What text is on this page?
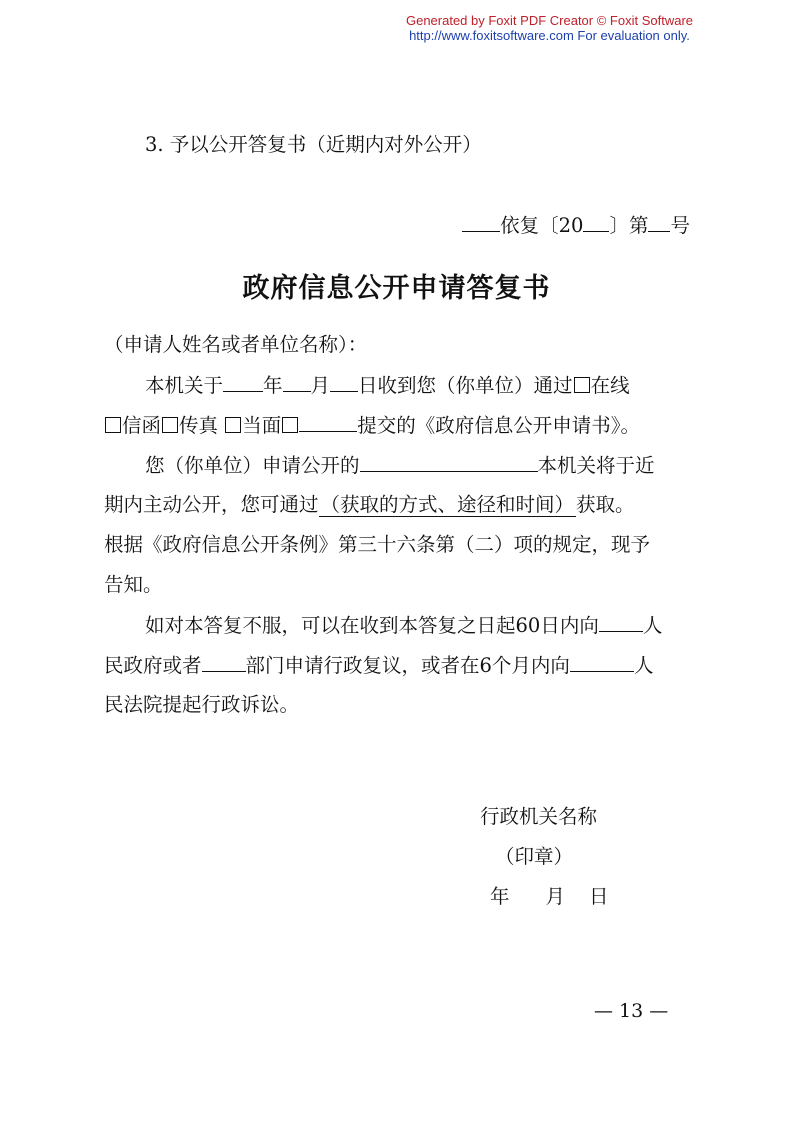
Generated by Foxit PDF Creator © Foxit Software
http://www.foxitsoftware.com For evaluation only.
3. 予以公开答复书（近期内对外公开）
依复〔20 〕第 号
政府信息公开申请答复书
（申请人姓名或者单位名称）：
本机关于 年 月 日收到您（你单位）通过 在线
信函 传真 当面	提交的《政府信息公开申请书》。
您（你单位）申请公开的	本机关将于近
期内主动公开，您可通过 （获取的方式、途径和时间） 获取。
根据《政府信息公开条例》第三十六条第（二）项的规定，现予
告知。
如对本答复不服，可以在收到本答复之日起60日内向 人
民政府或者 部门申请行政复议，或者在6个月内向	人
民法院提起行政诉讼。
行政机关名称
（印章）
年 月 日
— 13 —
